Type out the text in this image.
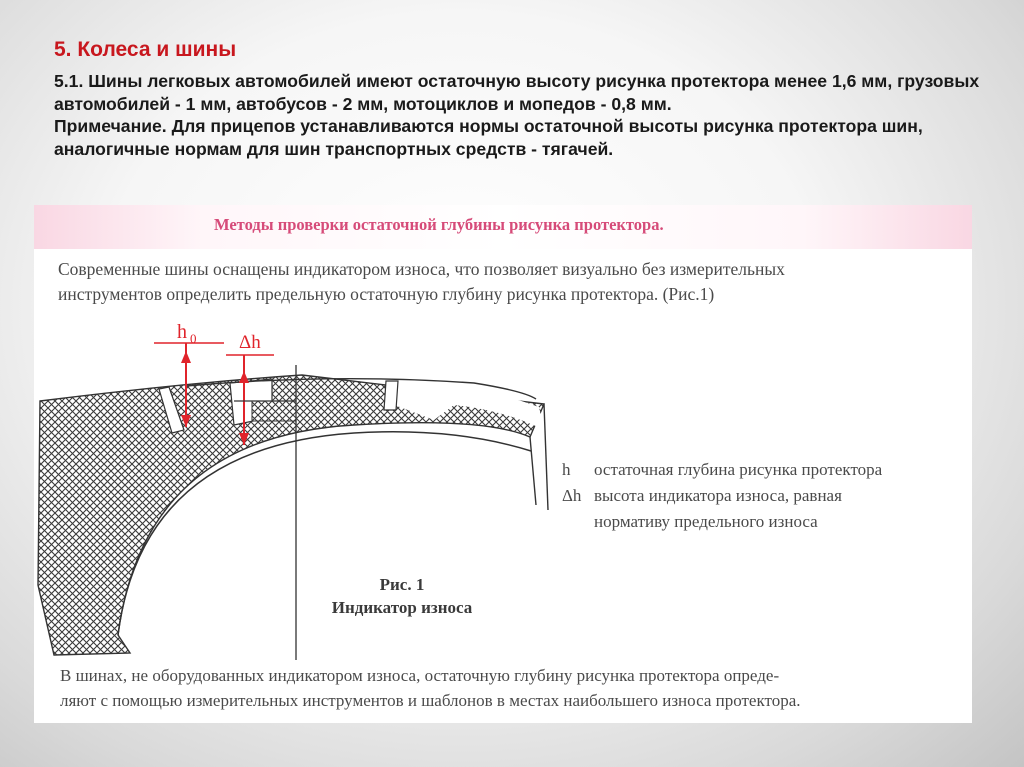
5. Колеса и шины

5.1. Шины легковых автомобилей имеют остаточную высоту рисунка протектора менее 1,6 мм, грузовых автомобилей - 1 мм, автобусов - 2 мм, мотоциклов и мопедов - 0,8 мм.

Примечание. Для прицепов устанавливаются нормы остаточной высоты рисунка протектора шин, аналогичные нормам для шин транспортных средств - тягачей.

Методы проверки остаточной глубины рисунка протектора.

Современные шины оснащены индикатором износа, что позволяет визуально без измерительных

инструментов определить предельную остаточную глубину рисунка протектора. (Рис.1)

h $_0$ Δh
h	остаточная глубина рисунка протектора
Δh высота индикатора износа, равная
нормативу предельного износа
Рис. 1
Индикатор износа

В шинах, не оборудованных индикатором износа, остаточную глубину рисунка протектора опреде-

ляют с помощью измерительных инструментов и шаблонов в местах наибольшего износа протектора.
